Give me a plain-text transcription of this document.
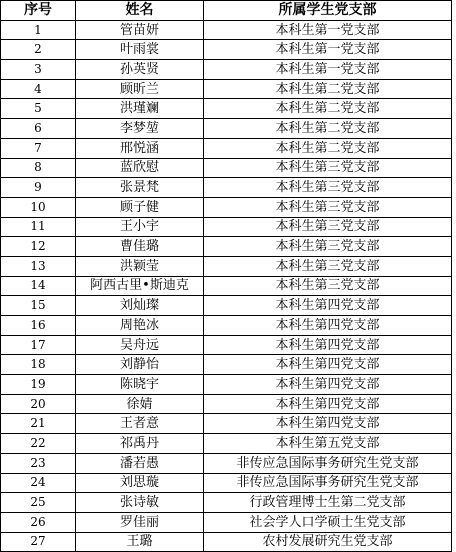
序号	姓名	所属学生党支部
1	管苗妍	本科生第一党支部
2	叶雨裳	本科生第一党支部
3	孙英贤	本科生第一党支部
4	顾昕兰	本科生第二党支部
5	洪瑾斓	本科生第二党支部
6	李梦堃	本科生第二党支部
7	邢悦涵	本科生第二党支部
8	蓝欣慰	本科生第三党支部
9	张景梵	本科生第三党支部
10	顾子健	本科生第三党支部
11	王小宇	本科生第三党支部
12	曹佳璐	本科生第三党支部
13	洪颖莹	本科生第三党支部
14	阿西古里•斯迪克	本科生第三党支部
15	刘灿璨	本科生第四党支部
16	周艳冰	本科生第四党支部
17	吴舟远	本科生第四党支部
18	刘静怡	本科生第四党支部
19	陈晓宇	本科生第四党支部
20	徐婧	本科生第四党支部
21	王者意	本科生第四党支部
22	祁禹丹	本科生第五党支部
23	潘若愚	非传应急国际事务研究生党支部
24	刘思璇	非传应急国际事务研究生党支部
25	张诗敏	行政管理博士生第二党支部
26	罗佳丽	社会学人口学硕士生党支部
27	王璐	农村发展研究生党支部
